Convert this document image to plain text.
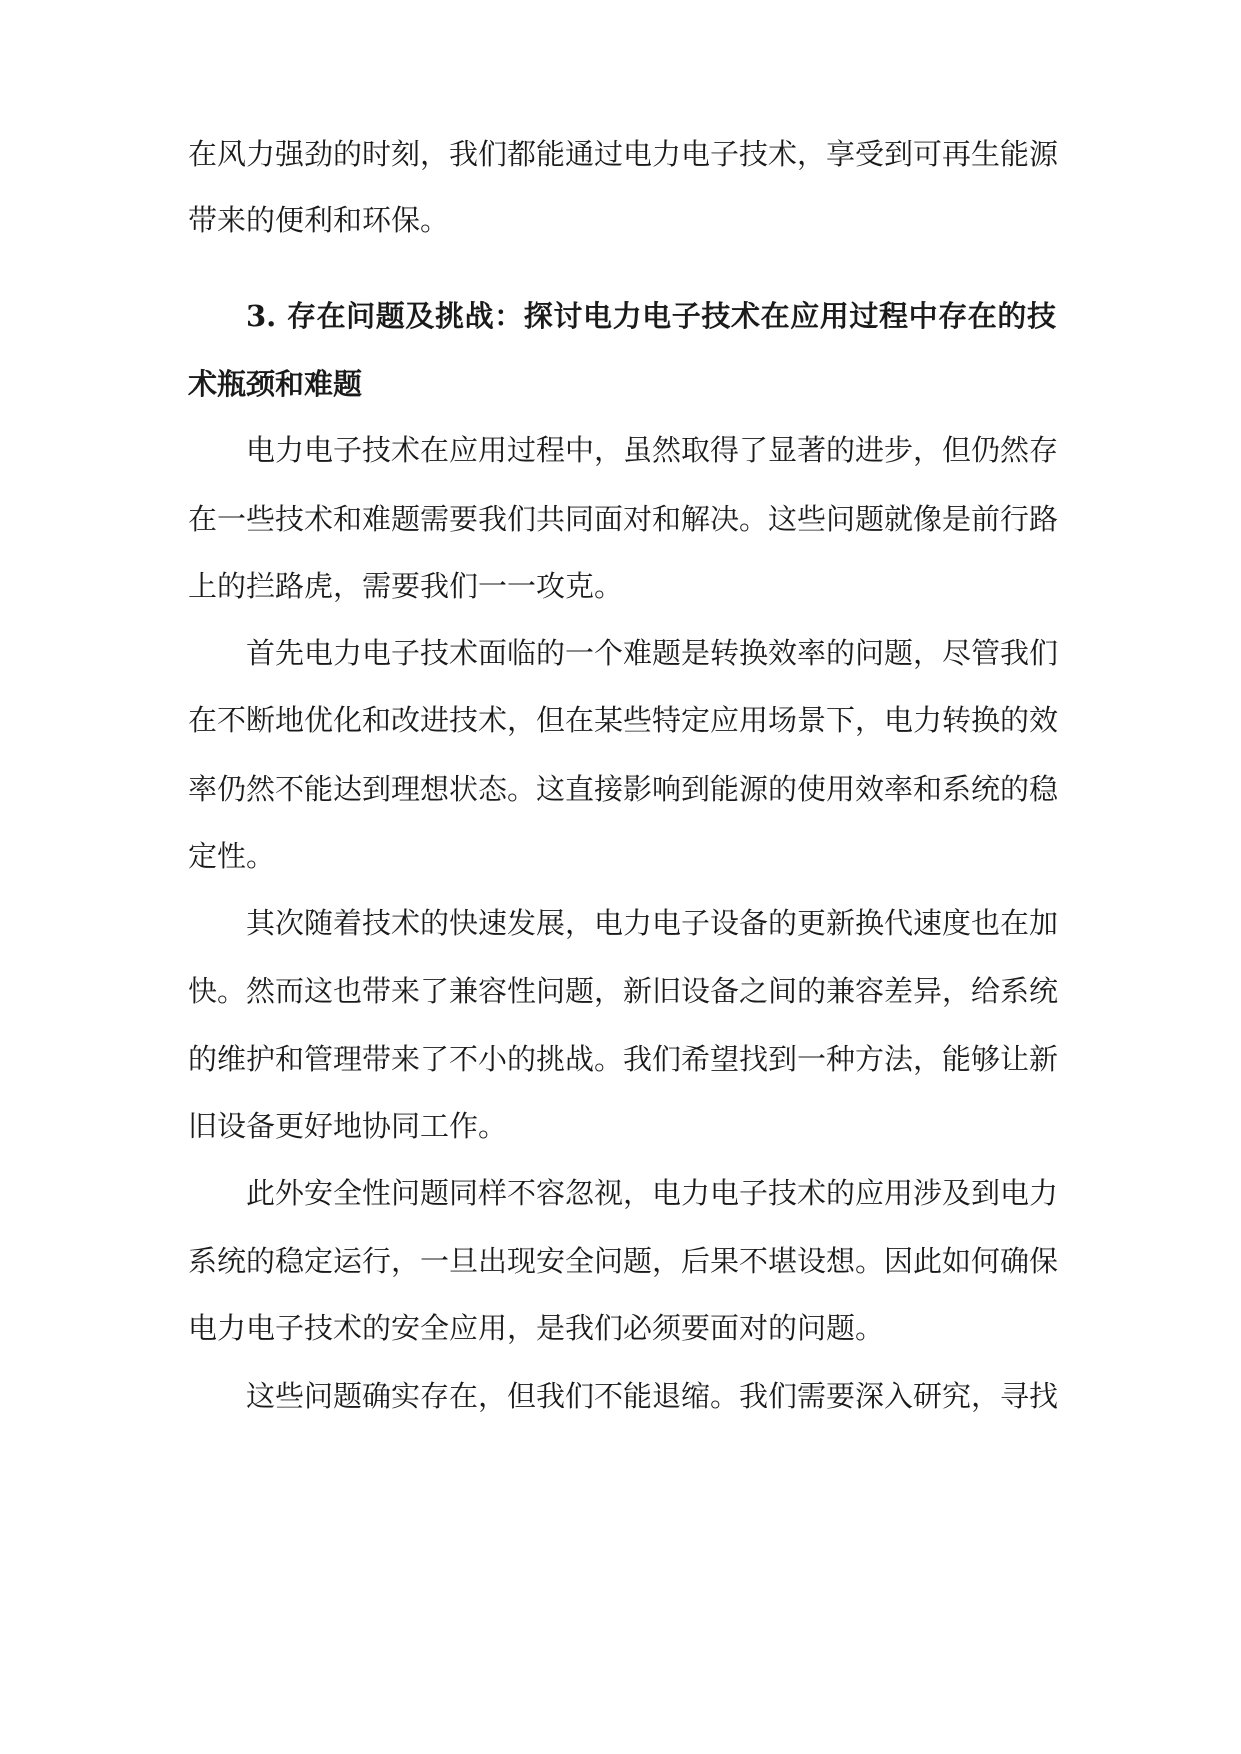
在风力强劲的时刻，我们都能通过电力电子技术，享受到可再生能源
带来的便利和环保。
3. 存在问题及挑战：探讨电力电子技术在应用过程中存在的技
术瓶颈和难题
电力电子技术在应用过程中，虽然取得了显著的进步，但仍然存
在一些技术和难题需要我们共同面对和解决。这些问题就像是前行路
上的拦路虎，需要我们一一攻克。
首先电力电子技术面临的一个难题是转换效率的问题，尽管我们
在不断地优化和改进技术，但在某些特定应用场景下，电力转换的效
率仍然不能达到理想状态。这直接影响到能源的使用效率和系统的稳
定性。
其次随着技术的快速发展，电力电子设备的更新换代速度也在加
快。然而这也带来了兼容性问题，新旧设备之间的兼容差异，给系统
的维护和管理带来了不小的挑战。我们希望找到一种方法，能够让新
旧设备更好地协同工作。
此外安全性问题同样不容忽视，电力电子技术的应用涉及到电力
系统的稳定运行，一旦出现安全问题，后果不堪设想。因此如何确保
电力电子技术的安全应用，是我们必须要面对的问题。
这些问题确实存在，但我们不能退缩。我们需要深入研究，寻找
